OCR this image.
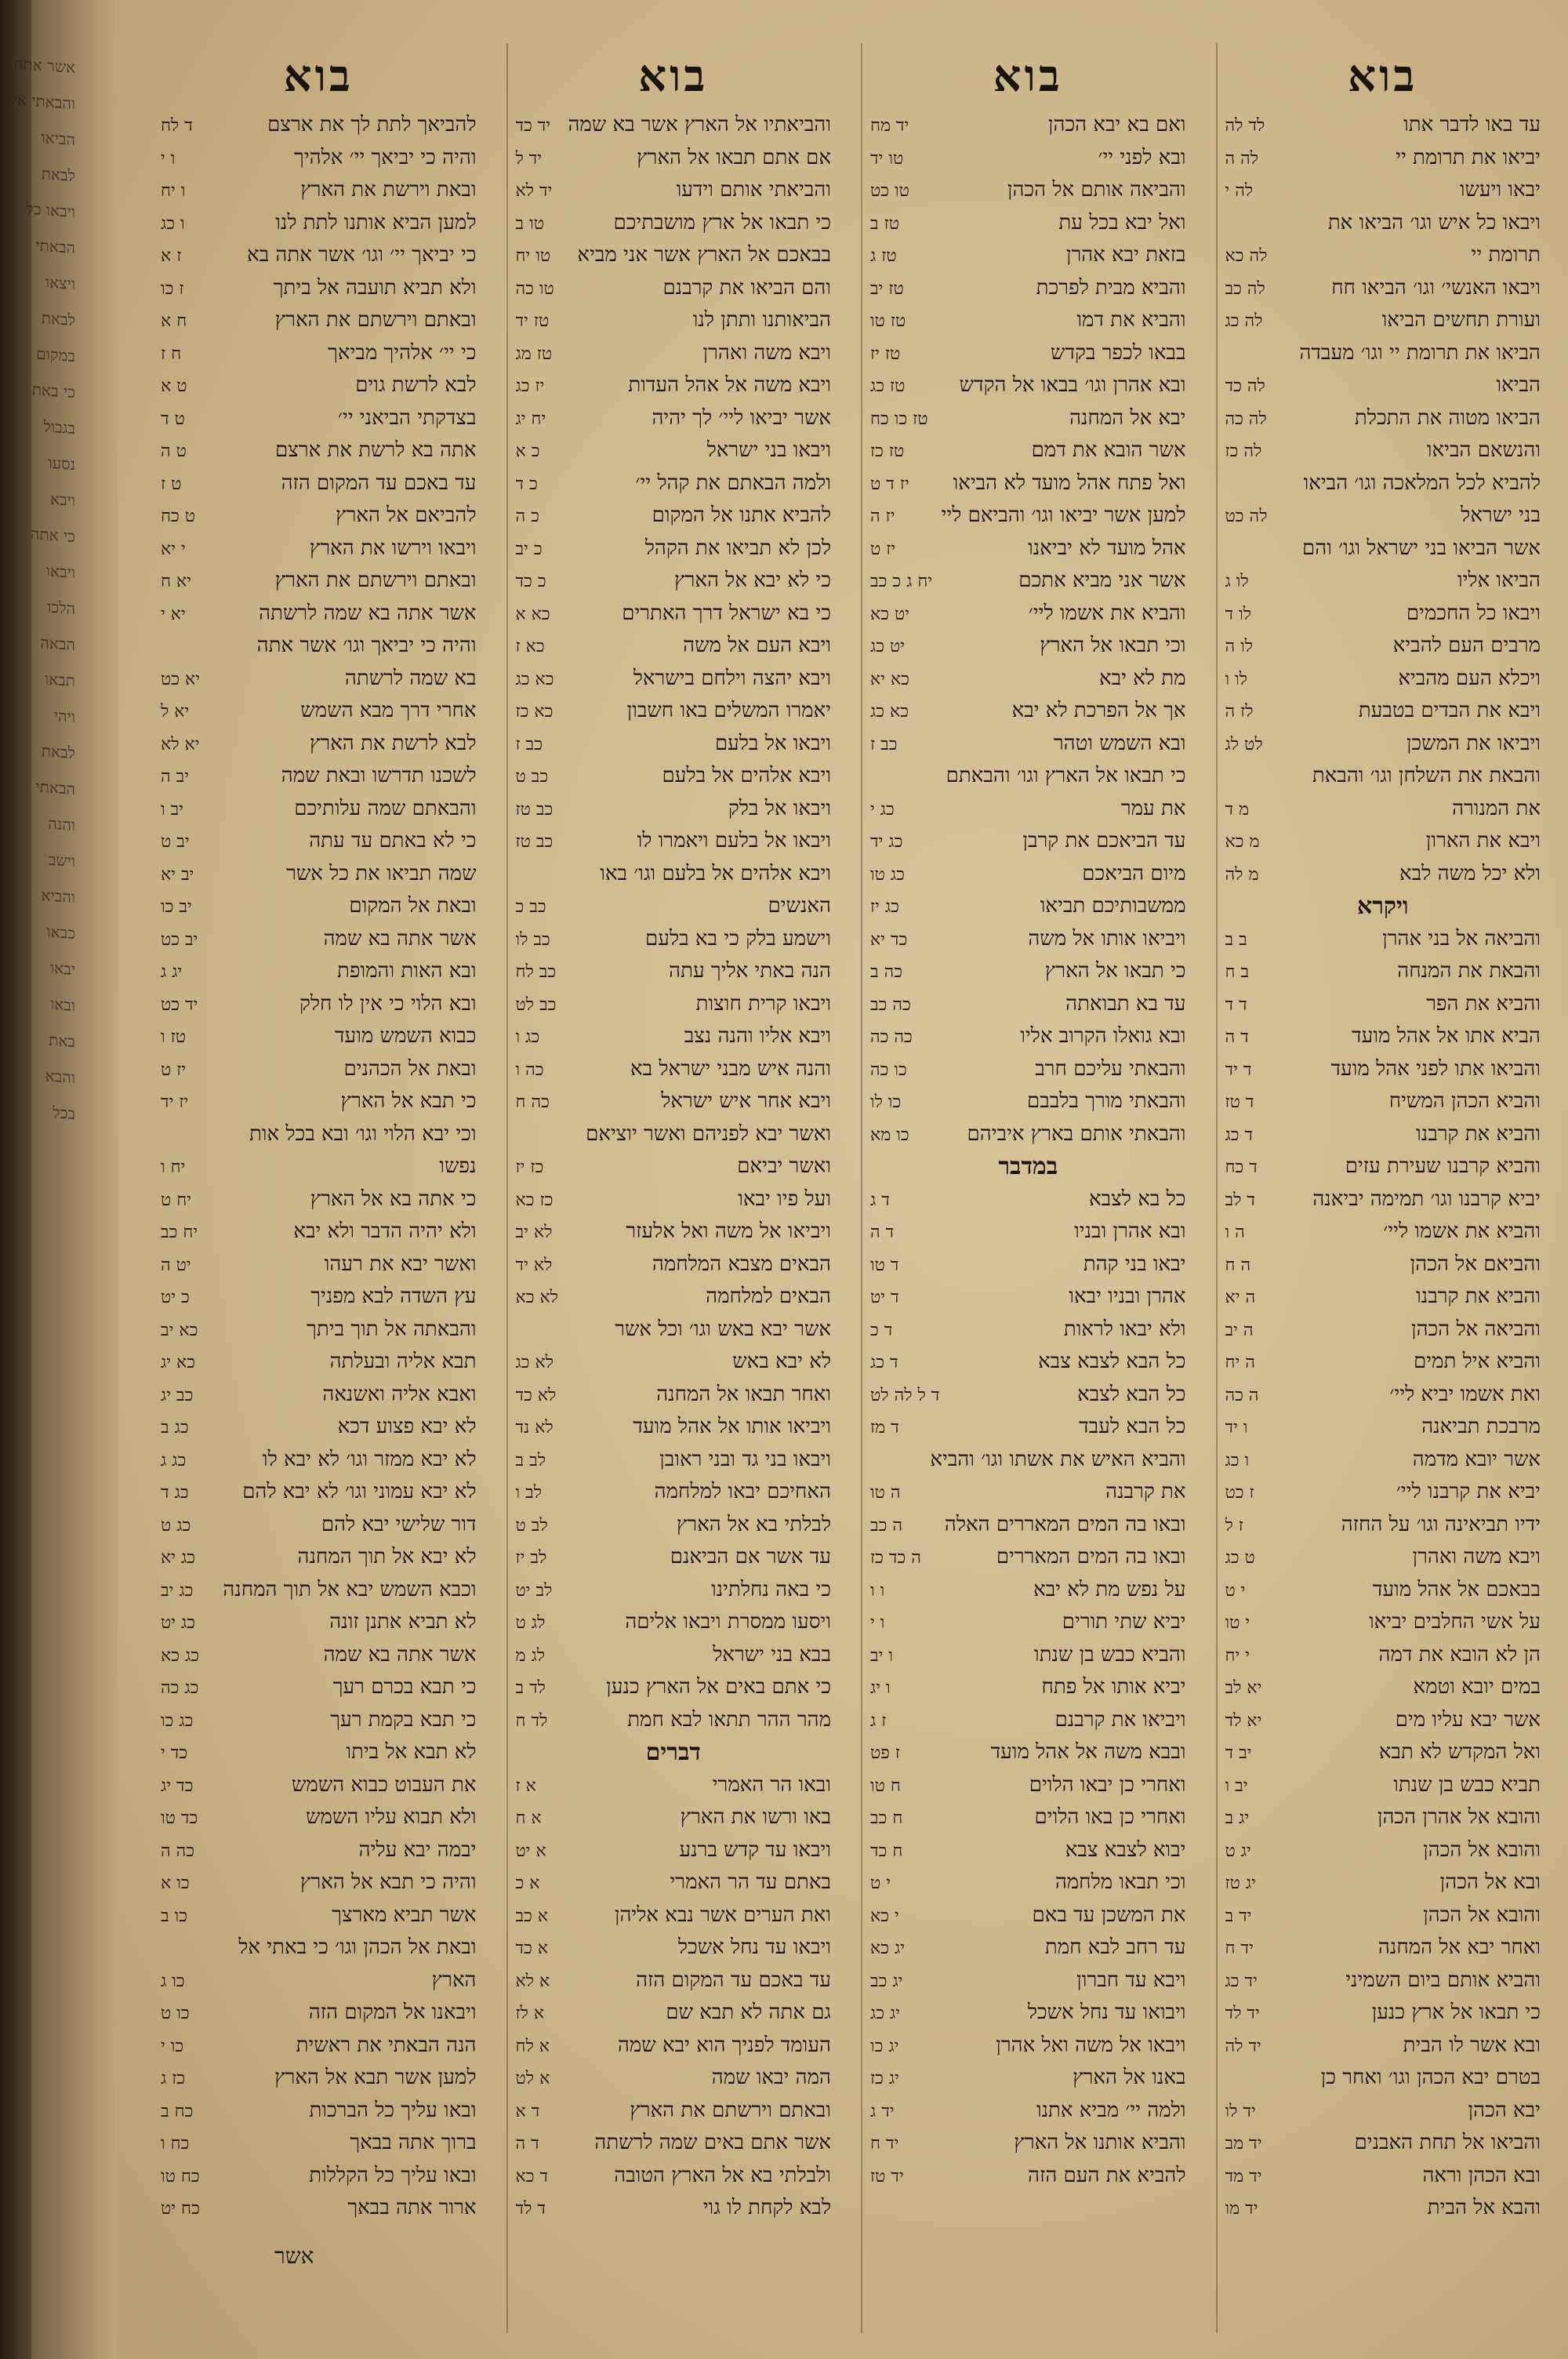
אשר אתה
והבאתי אל
הביאו
לבאת
ויבאו כל
הבאתי
ויצאו
לבאת
במקום
כי באת
בגבול
נסעו
ויבא
כי אתה
ויבאו
הלכו
הבאה
תבאו
ויהי
לבאת
הבאתי
והנה
וישב
והביא
כבאו
יבאו
ובאו
באת
והבא
בכל
בוא
עד באו לדבר אתו
לד לה
יביאו את תרומת יי
לה ה
יבאו ויעשו
לה י
ויבאו כל איש וגו׳ הביאו את
תרומת יי
לה כא
ויבאו האנשי׳ וגו׳ הביאו חח
לה כב
ועורת תחשים הביאו
לה כג
הביאו את תרומת יי וגו׳ מעבדה
הביאו
לה כד
הביאו מטוה את התכלת
לה כה
והנשאם הביאו
לה כז
להביא לכל המלאכה וגו׳ הביאו
בני ישראל
לה כט
אשר הביאו בני ישראל וגו׳ והם
הביאו אליו
לו ג
ויבאו כל החכמים
לו ד
מרבים העם להביא
לו ה
ויכלא העם מהביא
לו ו
ויבא את הבדים בטבעת
לז ה
ויביאו את המשכן
לט לג
והבאת את השלחן וגו׳ והבאת
את המנורה
מ ד
ויבא את הארון
מ כא
ולא יכל משה לבא
מ לה
ויקרא
והביאה אל בני אהרן
ב ב
והבאת את המנחה
ב ח
והביא את הפר
ד ד
הביא אתו אל אהל מועד
ד ה
והביאו אתו לפני אהל מועד
ד יד
והביא הכהן המשיח
ד טז
והביא את קרבנו
ד כג
והביא קרבנו שעירת עזים
ד כח
יביא קרבנו וגו׳ תמימה יביאנה
ד לב
והביא את אשמו ליי׳
ה ו
והביאם אל הכהן
ה ח
והביא את קרבנו
ה יא
והביאה אל הכהן
ה יב
והביא איל תמים
ה יח
ואת אשמו יביא ליי׳
ה כה
מרבכת תביאנה
ו יד
אשר יובא מדמה
ו כג
יביא את קרבנו ליי׳
ז כט
ידיו תביאינה וגו׳ על החזה
ז ל
ויבא משה ואהרן
ט כג
בבאכם אל אהל מועד
י ט
על אשי החלבים יביאו
י טו
הן לא הובא את דמה
י יח
במים יובא וטמא
יא לב
אשר יבא עליו מים
יא לד
ואל המקדש לא תבא
יב ד
תביא כבש בן שנתו
יב ו
והובא אל אהרן הכהן
יג ב
והובא אל הכהן
יג ט
ובא אל הכהן
יג טז
והובא אל הכהן
יד ב
ואחר יבא אל המחנה
יד ח
והביא אותם ביום השמיני
יד כג
כי תבאו אל ארץ כנען
יד לד
ובא אשר לו הבית
יד לה
בטרם יבא הכהן וגו׳ ואחר כן
יבא הכהן
יד לו
והביאו אל תחת האבנים
יד מב
ובא הכהן וראה
יד מד
והבא אל הבית
יד מו
בוא
ואם בא יבא הכהן
יד מח
ובא לפני יי׳
טו יד
והביאה אותם אל הכהן
טו כט
ואל יבא בכל עת
טז ב
בזאת יבא אהרן
טז ג
והביא מבית לפרכת
טז יב
והביא את דמו
טז טו
בבאו לכפר בקדש
טז יז
ובא אהרן וגו׳ בבאו אל הקדש
טז כג
יבא אל המחנה
טז כו כח
אשר הובא את דמם
טז כז
ואל פתח אהל מועד לא הביאו
יז ד ט
למען אשר יביאו וגו׳ והביאם ליי
יז ה
אהל מועד לא יביאנו
יז ט
אשר אני מביא אתכם
יח ג כ כב
והביא את אשמו ליי׳
יט כא
וכי תבאו אל הארץ
יט כג
מת לא יבא
כא יא
אך אל הפרכת לא יבא
כא כג
ובא השמש וטהר
כב ז
כי תבאו אל הארץ וגו׳ והבאתם
את עמר
כג י
עד הביאכם את קרבן
כג יד
מיום הביאכם
כג טו
ממשבותיכם תביאו
כג יז
ויביאו אותו אל משה
כד יא
כי תבאו אל הארץ
כה ב
עד בא תבואתה
כה כב
ובא גואלו הקרוב אליו
כה כה
והבאתי עליכם חרב
כו כה
והבאתי מורך בלבבם
כו לו
והבאתי אותם בארץ איביהם
כו מא
במדבר
כל בא לצבא
ד ג
ובא אהרן ובניו
ד ה
יבאו בני קהת
ד טו
אהרן ובניו יבאו
ד יט
ולא יבאו לראות
ד כ
כל הבא לצבא צבא
ד כג
כל הבא לצבא
ד ל לה לט
כל הבא לעבד
ד מז
והביא האיש את אשתו וגו׳ והביא
את קרבנה
ה טו
ובאו בה המים המאררים האלה
ה כב
ובאו בה המים המאררים
ה כד כז
על נפש מת לא יבא
ו ו
יביא שתי תורים
ו י
והביא כבש בן שנתו
ו יב
יביא אותו אל פתח
ו יג
ויביאו את קרבנם
ז ג
ובבא משה אל אהל מועד
ז פט
ואחרי כן יבאו הלוים
ח טו
ואחרי כן באו הלוים
ח כב
יבוא לצבא צבא
ח כד
וכי תבאו מלחמה
י ט
את המשכן עד באם
י כא
עד רחב לבא חמת
יג כא
ויבא עד חברון
יג כב
ויבואו עד נחל אשכל
יג כג
ויבאו אל משה ואל אהרן
יג כו
באנו אל הארץ
יג כז
ולמה יי׳ מביא אתנו
יד ג
והביא אותנו אל הארץ
יד ח
להביא את העם הזה
יד טז
בוא
והביאתיו אל הארץ אשר בא שמה
יד כד
אם אתם תבאו אל הארץ
יד ל
והביאתי אותם וידעו
יד לא
כי תבאו אל ארץ מושבתיכם
טו ב
בבאכם אל הארץ אשר אני מביא
טו יח
והם הביאו את קרבנם
טו כה
הביאותנו ותתן לנו
טז יד
ויבא משה ואהרן
טז מג
ויבא משה אל אהל העדות
יז כג
אשר יביאו ליי׳ לך יהיה
יח יג
ויבאו בני ישראל
כ א
ולמה הבאתם את קהל יי׳
כ ד
להביא אתנו אל המקום
כ ה
לכן לא תביאו את הקהל
כ יב
כי לא יבא אל הארץ
כ כד
כי בא ישראל דרך האתרים
כא א
ויבא העם אל משה
כא ז
ויבא יהצה וילחם בישראל
כא כג
יאמרו המשלים באו חשבון
כא כז
ויבאו אל בלעם
כב ז
ויבא אלהים אל בלעם
כב ט
ויבאו אל בלק
כב טז
ויבאו אל בלעם ויאמרו לו
כב טז
ויבא אלהים אל בלעם וגו׳ באו
האנשים
כב כ
וישמע בלק כי בא בלעם
כב לו
הנה באתי אליך עתה
כב לח
ויבאו קרית חוצות
כב לט
ויבא אליו והנה נצב
כג ו
והנה איש מבני ישראל בא
כה ו
ויבא אחר איש ישראל
כה ח
ואשר יבא לפניהם ואשר יוציאם
ואשר יביאם
כז יז
ועל פיו יבאו
כז כא
ויביאו אל משה ואל אלעזר
לא יב
הבאים מצבא המלחמה
לא יד
הבאים למלחמה
לא כא
אשר יבא באש וגו׳ וכל אשר
לא יבא באש
לא כג
ואחר תבאו אל המחנה
לא כד
ויביאו אותו אל אהל מועד
לא נד
ויבאו בני גד ובני ראובן
לב ב
האחיכם יבאו למלחמה
לב ו
לבלתי בא אל הארץ
לב ט
עד אשר אם הביאנם
לב יז
כי באה נחלתינו
לב יט
ויסעו ממסרת ויבאו אליםה
לג ט
בבא בני ישראל
לג מ
כי אתם באים אל הארץ כנען
לד ב
מהר ההר תתאו לבא חמת
לד ח
דברים
ובאו הר האמרי
א ז
באו ורשו את הארץ
א ח
ויבאו עד קדש ברנע
א יט
באתם עד הר האמרי
א כ
ואת הערים אשר נבא אליהן
א כב
ויבאו עד נחל אשכל
א כד
עד באכם עד המקום הזה
א לא
גם אתה לא תבא שם
א לז
העומד לפניך הוא יבא שמה
א לח
המה יבאו שמה
א לט
ובאתם וירשתם את הארץ
ד א
אשר אתם באים שמה לרשתה
ד ה
ולבלתי בא אל הארץ הטובה
ד כא
לבא לקחת לו גוי
ד לד
בוא
להביאך לתת לך את ארצם
ד לח
והיה כי יביאך יי׳ אלהיך
ו י
ובאת וירשת את הארץ
ו יח
למען הביא אותנו לתת לנו
ו כג
כי יביאך יי׳ וגו׳ אשר אתה בא
ז א
ולא תביא תועבה אל ביתך
ז כו
ובאתם וירשתם את הארץ
ח א
כי יי׳ אלהיך מביאך
ח ז
לבא לרשת גוים
ט א
בצדקתי הביאני יי׳
ט ד
אתה בא לרשת את ארצם
ט ה
עד באכם עד המקום הזה
ט ז
להביאם אל הארץ
ט כח
ויבאו וירשו את הארץ
י יא
ובאתם וירשתם את הארץ
יא ח
אשר אתה בא שמה לרשתה
יא י
והיה כי יביאך וגו׳ אשר אתה
בא שמה לרשתה
יא כט
אחרי דרך מבא השמש
יא ל
לבא לרשת את הארץ
יא לא
לשכנו תדרשו ובאת שמה
יב ה
והבאתם שמה עלותיכם
יב ו
כי לא באתם עד עתה
יב ט
שמה תביאו את כל אשר
יב יא
ובאת אל המקום
יב כו
אשר אתה בא שמה
יב כט
ובא האות והמופת
יג ג
ובא הלוי כי אין לו חלק
יד כט
כבוא השמש מועד
טז ו
ובאת אל הכהנים
יז ט
כי תבא אל הארץ
יז יד
וכי יבא הלוי וגו׳ ובא בכל אות
נפשו
יח ו
כי אתה בא אל הארץ
יח ט
ולא יהיה הדבר ולא יבא
יח כב
ואשר יבא את רעהו
יט ה
עץ השדה לבא מפניך
כ יט
והבאתה אל תוך ביתך
כא יב
תבא אליה ובעלתה
כא יג
ואבא אליה ואשנאה
כב יג
לא יבא פצוע דכא
כג ב
לא יבא ממזר וגו׳ לא יבא לו
כג ג
לא יבא עמוני וגו׳ לא יבא להם
כג ד
דור שלישי יבא להם
כג ט
לא יבא אל תוך המחנה
כג יא
וכבא השמש יבא אל תוך המחנה
כג יב
לא תביא אתנן זונה
כג יט
אשר אתה בא שמה
כג כא
כי תבא בכרם רעך
כג כה
כי תבא בקמת רעך
כג כו
לא תבא אל ביתו
כד י
את העבוט כבוא השמש
כד יג
ולא תבוא עליו השמש
כד טו
יבמה יבא עליה
כה ה
והיה כי תבא אל הארץ
כו א
אשר תביא מארצך
כו ב
ובאת אל הכהן וגו׳ כי באתי אל
הארץ
כו ג
ויבאנו אל המקום הזה
כו ט
הנה הבאתי את ראשית
כו י
למען אשר תבא אל הארץ
כז ג
ובאו עליך כל הברכות
כח ב
ברוך אתה בבאך
כח ו
ובאו עליך כל הקללות
כח טו
ארור אתה בבאך
כח יט
אשר
